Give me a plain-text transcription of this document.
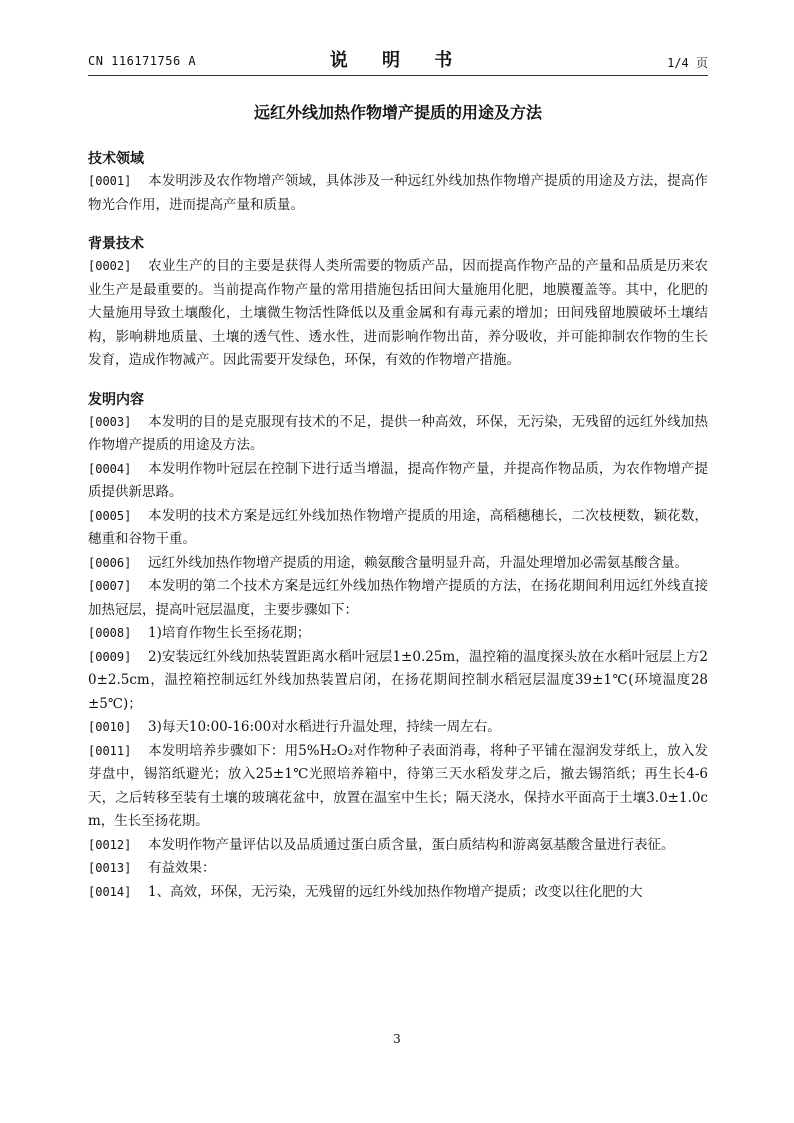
CN 116171756 A	说 明 书	1/4 页
远红外线加热作物增产提质的用途及方法
技术领域
[0001] 本发明涉及农作物增产领域，具体涉及一种远红外线加热作物增产提质的用途及方法，提高作物光合作用，进而提高产量和质量。
背景技术
[0002] 农业生产的目的主要是获得人类所需要的物质产品，因而提高作物产品的产量和品质是历来农业生产是最重要的。当前提高作物产量的常用措施包括田间大量施用化肥，地膜覆盖等。其中，化肥的大量施用导致土壤酸化，土壤微生物活性降低以及重金属和有毒元素的增加；田间残留地膜破坏土壤结构，影响耕地质量、土壤的透气性、透水性，进而影响作物出苗，养分吸收，并可能抑制农作物的生长发育，造成作物减产。因此需要开发绿色，环保，有效的作物增产措施。
发明内容
[0003] 本发明的目的是克服现有技术的不足，提供一种高效，环保，无污染，无残留的远红外线加热作物增产提质的用途及方法。
[0004] 本发明作物叶冠层在控制下进行适当增温，提高作物产量，并提高作物品质，为农作物增产提质提供新思路。
[0005] 本发明的技术方案是远红外线加热作物增产提质的用途，高稻穗穗长，二次枝梗数，颖花数，穗重和谷物干重。
[0006] 远红外线加热作物增产提质的用途，赖氨酸含量明显升高，升温处理增加必需氨基酸含量。
[0007] 本发明的第二个技术方案是远红外线加热作物增产提质的方法，在扬花期间利用远红外线直接加热冠层，提高叶冠层温度，主要步骤如下：
[0008] 1)培育作物生长至扬花期；
[0009] 2)安装远红外线加热装置距离水稻叶冠层1±0.25m，温控箱的温度探头放在水稻叶冠层上方20±2.5cm，温控箱控制远红外线加热装置启闭，在扬花期间控制水稻冠层温度39±1℃(环境温度28±5℃)；
[0010] 3)每天10:00-16:00对水稻进行升温处理，持续一周左右。
[0011] 本发明培养步骤如下：用5%H₂O₂对作物种子表面消毒，将种子平铺在湿润发芽纸上，放入发芽盘中，锡箔纸避光；放入25±1℃光照培养箱中，待第三天水稻发芽之后，撤去锡箔纸；再生长4-6天，之后转移至装有土壤的玻璃花盆中，放置在温室中生长；隔天浇水，保持水平面高于土壤3.0±1.0cm，生长至扬花期。
[0012] 本发明作物产量评估以及品质通过蛋白质含量，蛋白质结构和游离氨基酸含量进行表征。
[0013] 有益效果：
[0014] 1、高效，环保，无污染，无残留的远红外线加热作物增产提质；改变以往化肥的大
3
